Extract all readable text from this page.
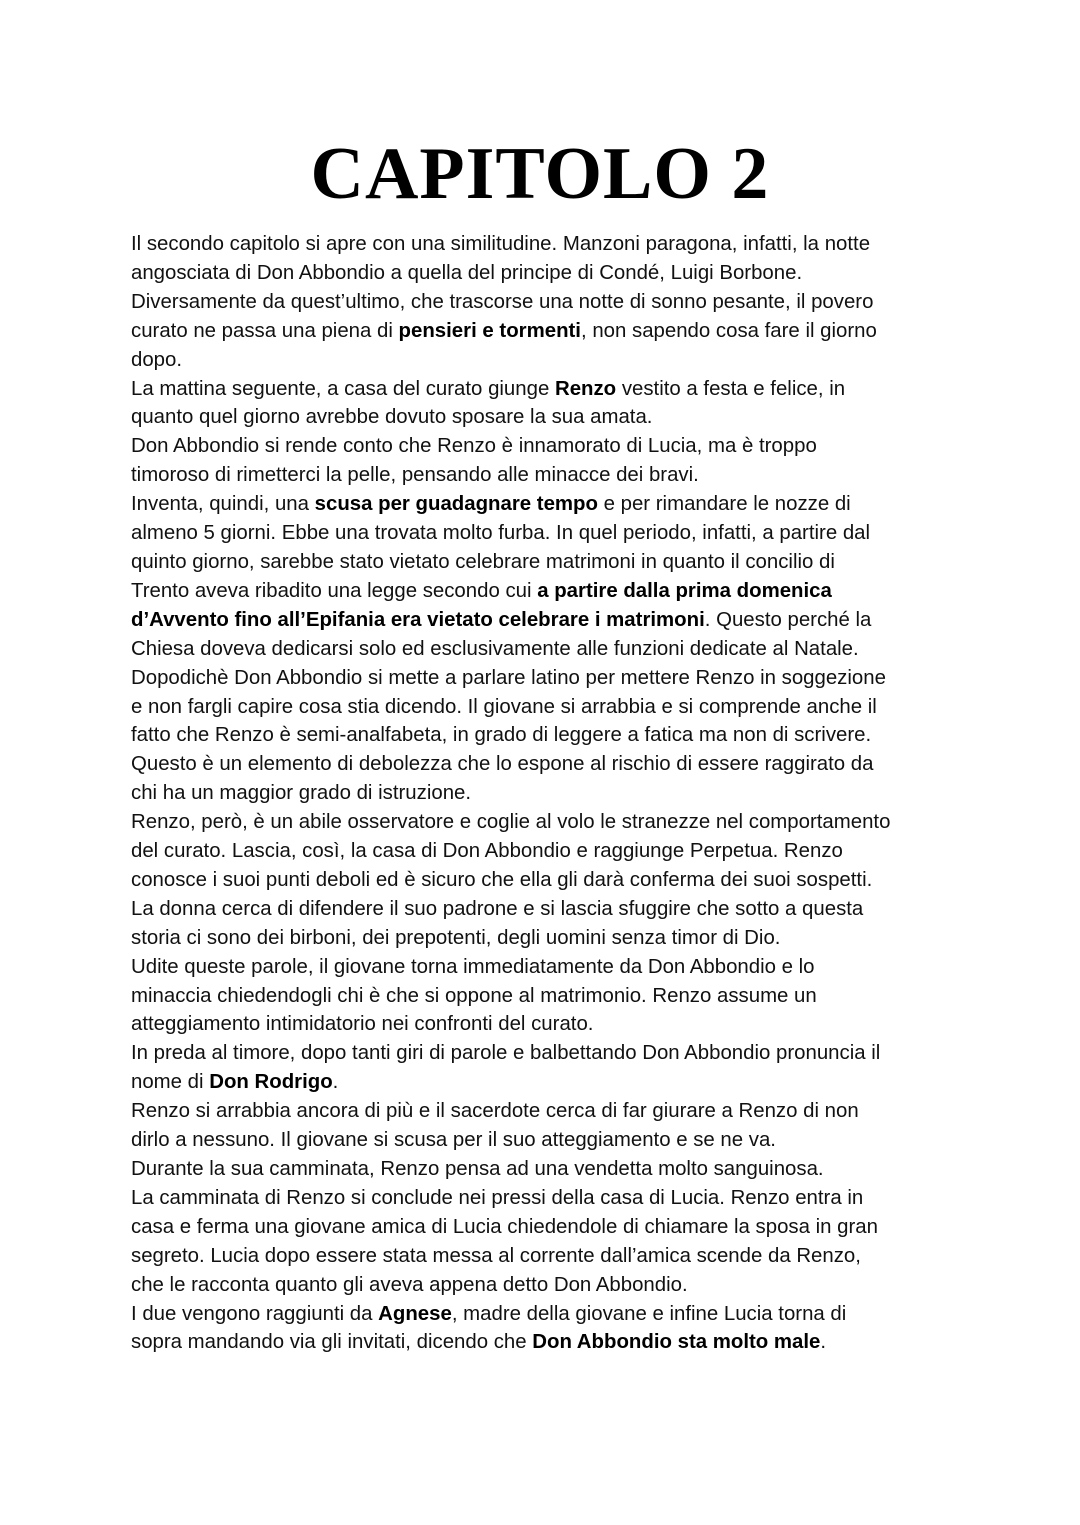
CAPITOLO 2
Il secondo capitolo si apre con una similitudine. Manzoni paragona, infatti, la notte
angosciata di Don Abbondio a quella del principe di Condé, Luigi Borbone.
Diversamente da quest’ultimo, che trascorse una notte di sonno pesante, il povero
curato ne passa una piena di pensieri e tormenti, non sapendo cosa fare il giorno
dopo.
La mattina seguente, a casa del curato giunge Renzo vestito a festa e felice, in
quanto quel giorno avrebbe dovuto sposare la sua amata.
Don Abbondio si rende conto che Renzo è innamorato di Lucia, ma è troppo
timoroso di rimetterci la pelle, pensando alle minacce dei bravi.
Inventa, quindi, una scusa per guadagnare tempo e per rimandare le nozze di
almeno 5 giorni. Ebbe una trovata molto furba. In quel periodo, infatti, a partire dal
quinto giorno, sarebbe stato vietato celebrare matrimoni in quanto il concilio di
Trento aveva ribadito una legge secondo cui a partire dalla prima domenica
d’Avvento fino all’Epifania era vietato celebrare i matrimoni. Questo perché la
Chiesa doveva dedicarsi solo ed esclusivamente alle funzioni dedicate al Natale.
Dopodichè Don Abbondio si mette a parlare latino per mettere Renzo in soggezione
e non fargli capire cosa stia dicendo. Il giovane si arrabbia e si comprende anche il
fatto che Renzo è semi-analfabeta, in grado di leggere a fatica ma non di scrivere.
Questo è un elemento di debolezza che lo espone al rischio di essere raggirato da
chi ha un maggior grado di istruzione.
Renzo, però, è un abile osservatore e coglie al volo le stranezze nel comportamento
del curato. Lascia, così, la casa di Don Abbondio e raggiunge Perpetua. Renzo
conosce i suoi punti deboli ed è sicuro che ella gli darà conferma dei suoi sospetti.
La donna cerca di difendere il suo padrone e si lascia sfuggire che sotto a questa
storia ci sono dei birboni, dei prepotenti, degli uomini senza timor di Dio.
Udite queste parole, il giovane torna immediatamente da Don Abbondio e lo
minaccia chiedendogli chi è che si oppone al matrimonio. Renzo assume un
atteggiamento intimidatorio nei confronti del curato.
In preda al timore, dopo tanti giri di parole e balbettando Don Abbondio pronuncia il
nome di Don Rodrigo.
Renzo si arrabbia ancora di più e il sacerdote cerca di far giurare a Renzo di non
dirlo a nessuno. Il giovane si scusa per il suo atteggiamento e se ne va.
Durante la sua camminata, Renzo pensa ad una vendetta molto sanguinosa.
La camminata di Renzo si conclude nei pressi della casa di Lucia. Renzo entra in
casa e ferma una giovane amica di Lucia chiedendole di chiamare la sposa in gran
segreto. Lucia dopo essere stata messa al corrente dall’amica scende da Renzo,
che le racconta quanto gli aveva appena detto Don Abbondio.
I due vengono raggiunti da Agnese, madre della giovane e infine Lucia torna di
sopra mandando via gli invitati, dicendo che Don Abbondio sta molto male.
